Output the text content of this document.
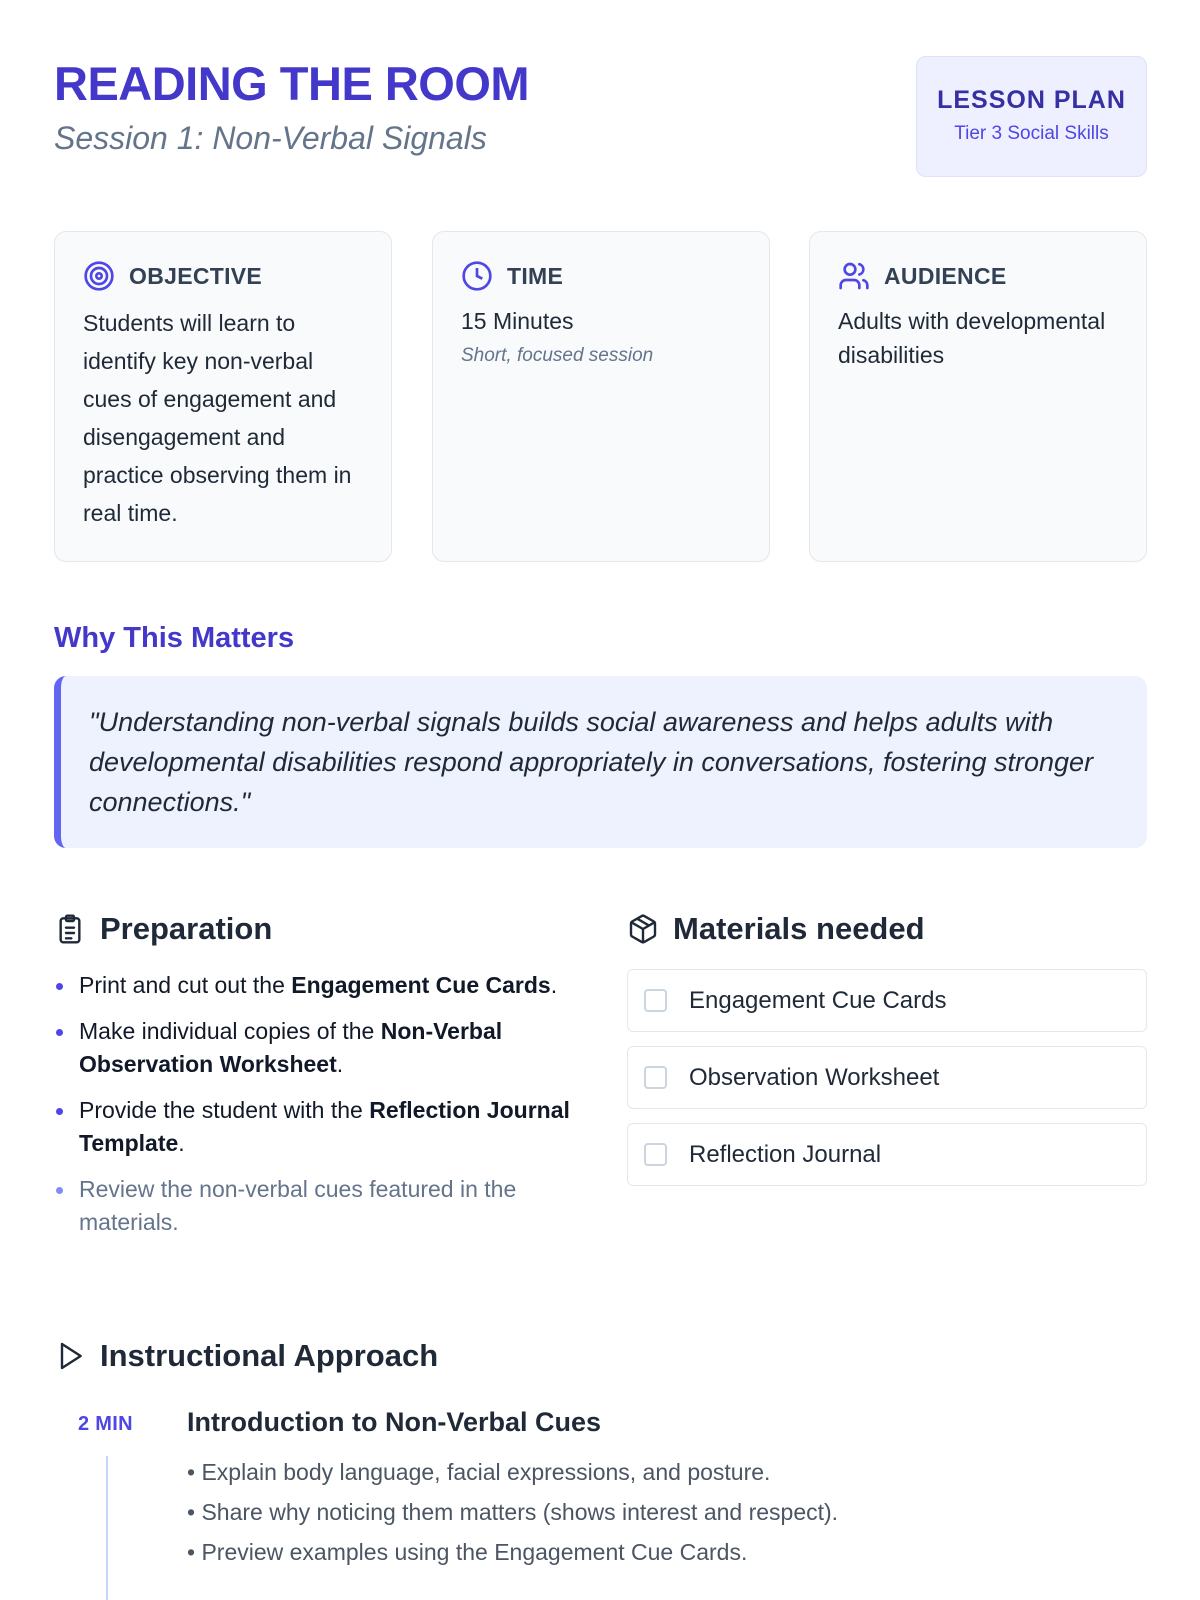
READING THE ROOM
Session 1: Non-Verbal Signals
LESSON PLAN
Tier 3 Social Skills
OBJECTIVE
Students will learn to identify key non-verbal cues of engagement and disengagement and practice observing them in real time.
TIME
15 Minutes
Short, focused session
AUDIENCE
Adults with developmental disabilities
Why This Matters
"Understanding non-verbal signals builds social awareness and helps adults with developmental disabilities respond appropriately in conversations, fostering stronger connections."
Preparation
Print and cut out the Engagement Cue Cards.
Make individual copies of the Non-Verbal Observation Worksheet.
Provide the student with the Reflection Journal Template.
Review the non-verbal cues featured in the materials.
Materials needed
Engagement Cue Cards
Observation Worksheet
Reflection Journal
Instructional Approach
2 MIN Introduction to Non-Verbal Cues
• Explain body language, facial expressions, and posture.
• Share why noticing them matters (shows interest and respect).
• Preview examples using the Engagement Cue Cards.
